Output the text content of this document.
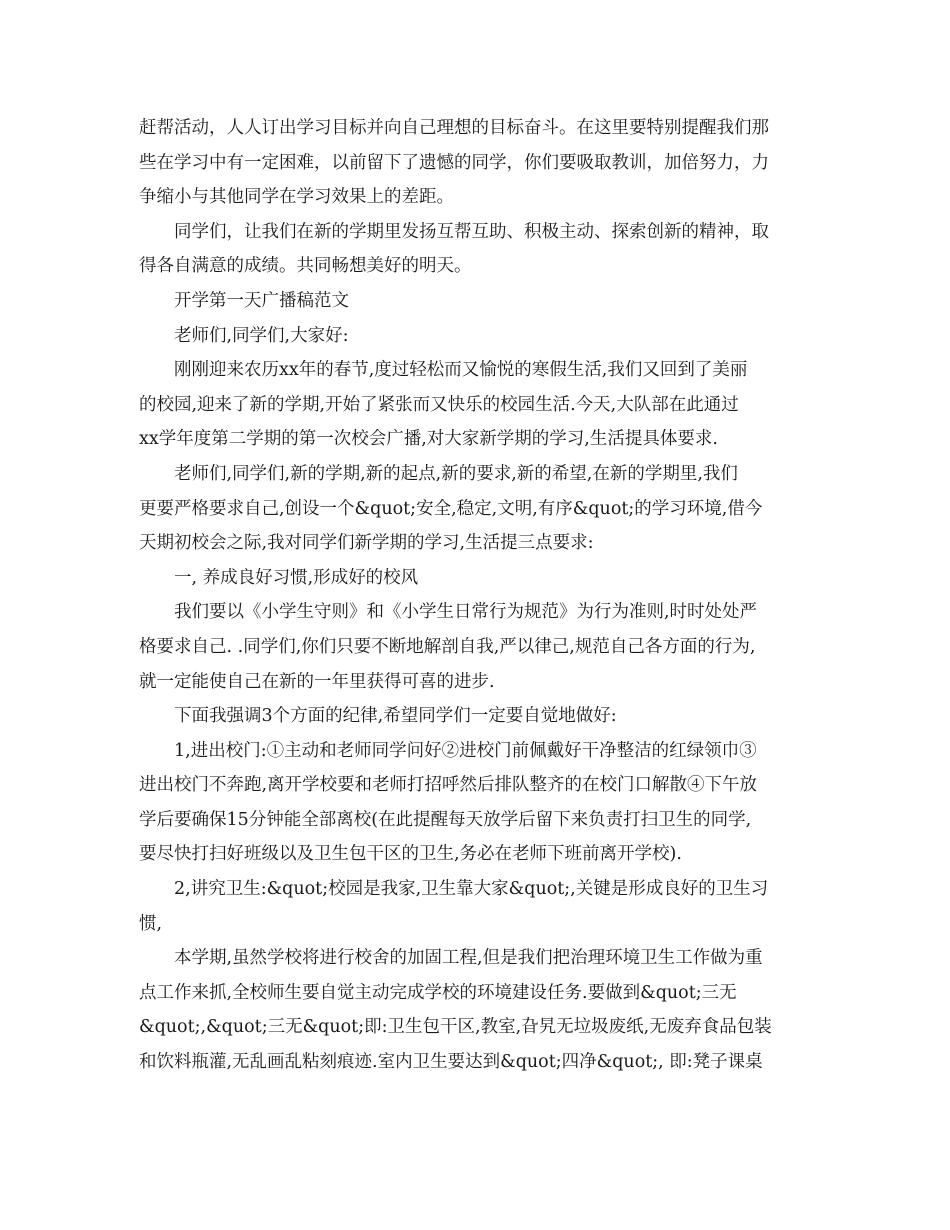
赶帮活动，人人订出学习目标并向自己理想的目标奋斗。在这里要特别提醒我们那
些在学习中有一定困难，以前留下了遗憾的同学，你们要吸取教训，加倍努力，力
争缩小与其他同学在学习效果上的差距。
同学们，让我们在新的学期里发扬互帮互助、积极主动、探索创新的精神，取
得各自满意的成绩。共同畅想美好的明天。
开学第一天广播稿范文
老师们,同学们,大家好:
刚刚迎来农历xx年的春节,度过轻松而又愉悦的寒假生活,我们又回到了美丽
的校园,迎来了新的学期,开始了紧张而又快乐的校园生活.今天,大队部在此通过
xx学年度第二学期的第一次校会广播,对大家新学期的学习,生活提具体要求.
老师们,同学们,新的学期,新的起点,新的要求,新的希望,在新的学期里,我们
更要严格要求自己,创设一个&quot;安全,稳定,文明,有序&quot;的学习环境,借今
天期初校会之际,我对同学们新学期的学习,生活提三点要求:
一, 养成良好习惯,形成好的校风
我们要以《小学生守则》和《小学生日常行为规范》为行为准则,时时处处严
格要求自己. .同学们,你们只要不断地解剖自我,严以律己,规范自己各方面的行为,
就一定能使自己在新的一年里获得可喜的进步.
下面我强调3个方面的纪律,希望同学们一定要自觉地做好:
1,进出校门:①主动和老师同学问好②进校门前佩戴好干净整洁的红绿领巾③
进出校门不奔跑,离开学校要和老师打招呼然后排队整齐的在校门口解散④下午放
学后要确保15分钟能全部离校(在此提醒每天放学后留下来负责打扫卫生的同学,
要尽快打扫好班级以及卫生包干区的卫生,务必在老师下班前离开学校).
2,讲究卫生:&quot;校园是我家,卫生靠大家&quot;,关键是形成良好的卫生习
惯,
本学期,虽然学校将进行校舍的加固工程,但是我们把治理环境卫生工作做为重
点工作来抓,全校师生要自觉主动完成学校的环境建设任务.要做到&quot;三无
&quot;,&quot;三无&quot;即:卫生包干区,教室,旮旯无垃圾废纸,无废弃食品包装
和饮料瓶灌,无乱画乱粘刻痕迹.室内卫生要达到&quot;四净&quot;, 即:凳子课桌
